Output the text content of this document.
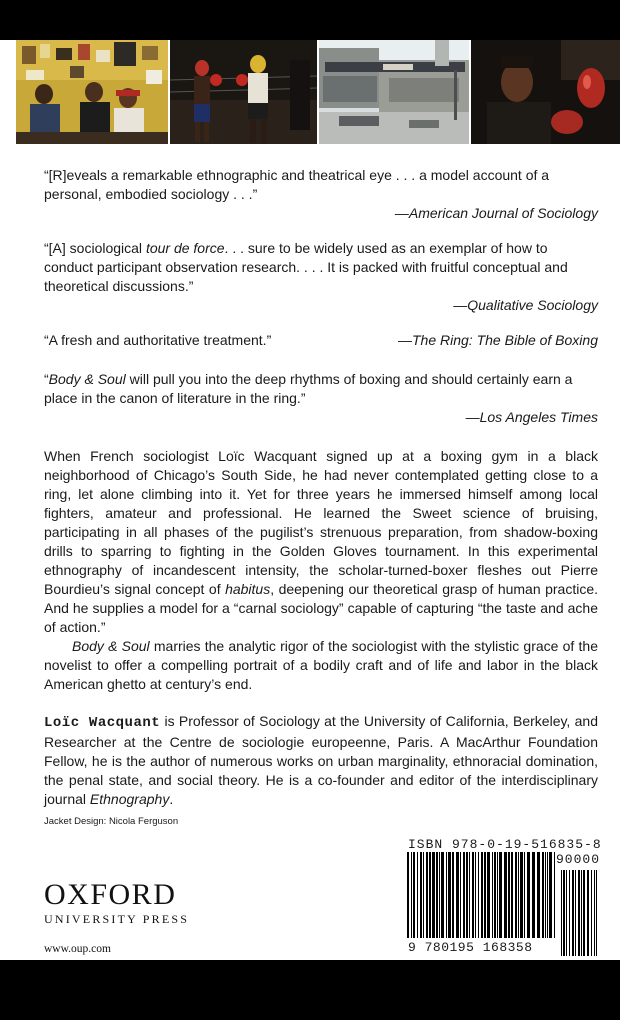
“[R]eveals a remarkable ethnographic and theatrical eye . . . a model account of a personal, embodied sociology . . .”
—American Journal of Sociology
“[A] sociological tour de force. . . sure to be widely used as an exemplar of how to conduct participant observation research. . . . It is packed with fruitful conceptual and theoretical discussions.”
—Qualitative Sociology
“A fresh and authoritative treatment.”	—The Ring: The Bible of Boxing
“Body & Soul will pull you into the deep rhythms of boxing and should certainly earn a place in the canon of literature in the ring.”
—Los Angeles Times

When French sociologist Loïc Wacquant signed up at a boxing gym in a black neighborhood of Chicago’s South Side, he had never contemplated getting close to a ring, let alone climbing into it. Yet for three years he immersed himself among local fighters, amateur and professional. He learned the Sweet science of bruising, participating in all phases of the pugilist’s strenuous preparation, from shadow-boxing drills to sparring to fighting in the Golden Gloves tournament. In this experimental ethnography of incandescent intensity, the scholar-turned-boxer fleshes out Pierre Bourdieu’s signal concept of habitus, deepening our theoretical grasp of human practice. And he supplies a model for a “carnal sociology” capable of capturing “the taste and ache of action.”

Body & Soul marries the analytic rigor of the sociologist with the stylistic grace of the novelist to offer a compelling portrait of a bodily craft and of life and labor in the black American ghetto at century’s end.

Loïc Wacquant is Professor of Sociology at the University of California, Berkeley, and Researcher at the Centre de sociologie europeenne, Paris. A MacArthur Foundation Fellow, he is the author of numerous works on urban marginality, ethnoracial domination, the penal state, and social theory. He is a co-founder and editor of the interdisciplinary journal Ethnography.

Jacket Design: Nicola Ferguson
OXFORD
UNIVERSITY PRESS
www.oup.com
ISBN 978-0-19-516835-8
90000
9 780195 168358
